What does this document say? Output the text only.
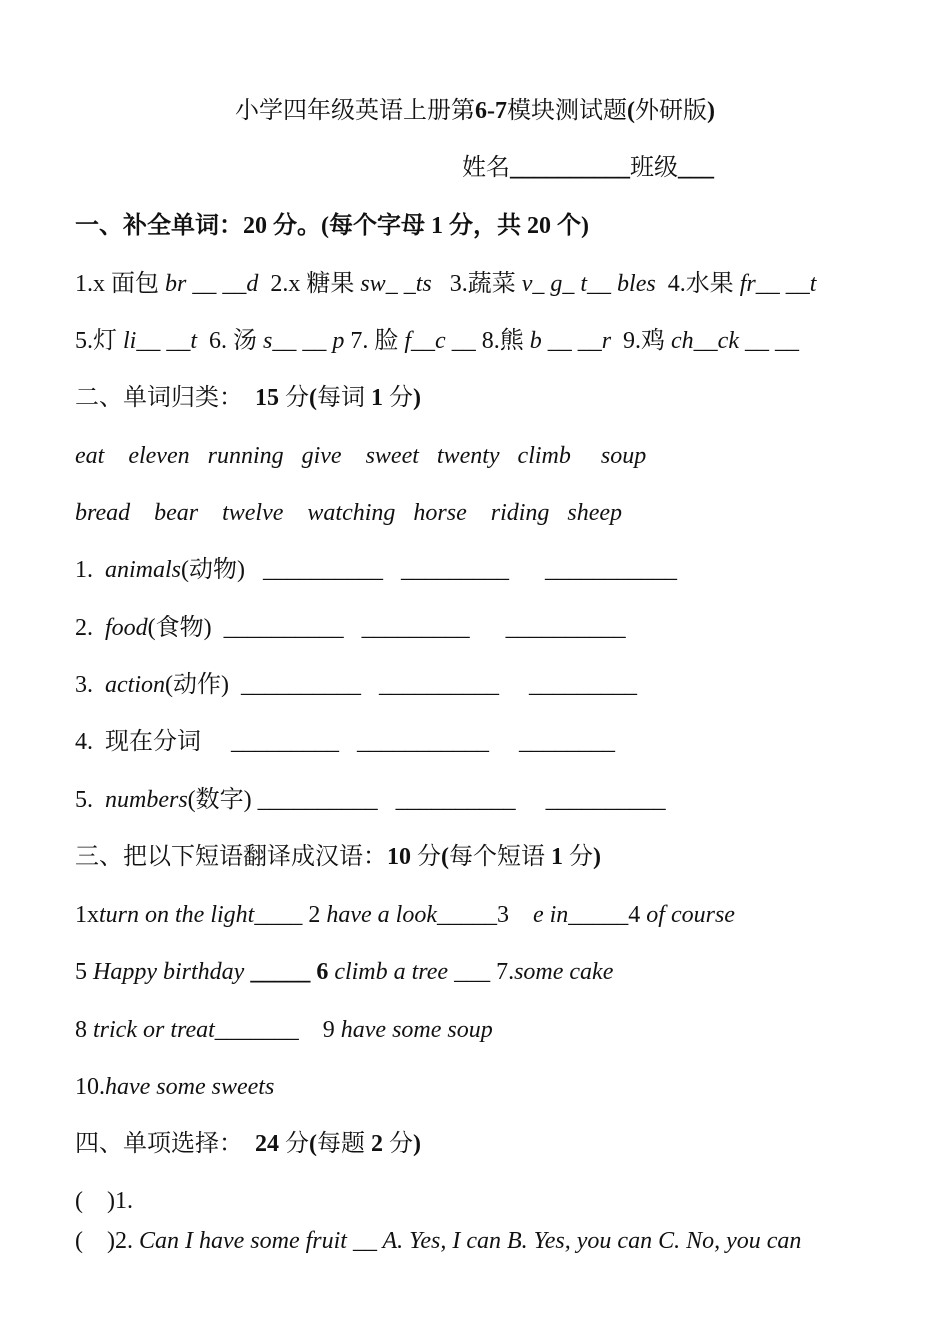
小学四年级英语上册第6-7模块测试题(外研版)
姓名__________班级___
一、补全单词：20 分。(每个字母 1 分，共 20 个)
1.x 面包 br __ __d  2.x 糖果 sw_ _ts   3.蔬菜 v_ g_ t__ bles  4.水果 fr__ __t
5.灯 li__ __t  6. 汤 s__ __ p 7. 脸 f__c __ 8.熊 b __ __r  9.鸡 ch__ck __ __
二、单词归类：  15 分(每词 1 分)
eat    eleven   running   give    sweet   twenty   climb     soup
bread    bear    twelve    watching   horse    riding   sheep
1.  animals(动物)   __________   _________      ___________
2.  food(食物)  __________   _________      __________
3.  action(动作)  __________   __________     _________
4.  现在分词     _________   ___________     ________
5.  numbers(数字) __________   __________     __________
三、把以下短语翻译成汉语：10 分(每个短语 1 分)
1xturn on the light____ 2 have a look_____3    e in_____4 of course
5 Happy birthday _____ 6 climb a tree ___ 7.some cake
8 trick or treat_______    9 have some soup
10.have some sweets
四、单项选择：  24 分(每题 2 分)
(    )1.
(    )2. Can I have some fruit __ A. Yes, I can B. Yes, you can C. No, you can
